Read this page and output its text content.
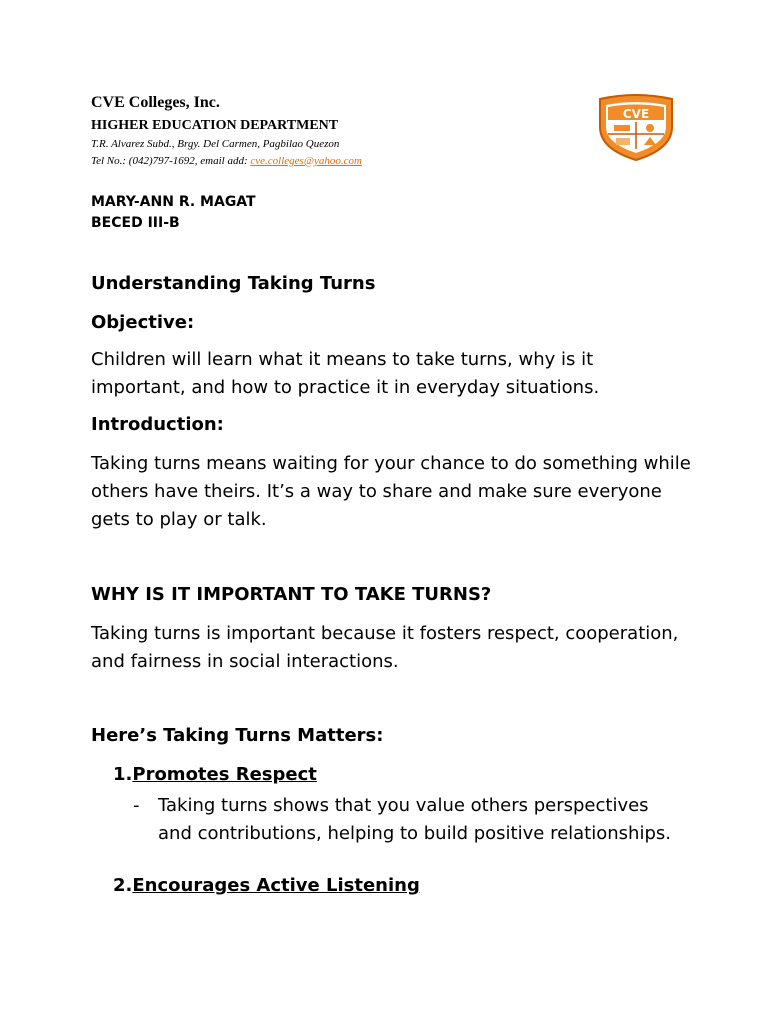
CVE Colleges, Inc.
HIGHER EDUCATION DEPARTMENT
T.R. Alvarez Subd., Brgy. Del Carmen, Pagbilao Quezon
Tel No.: (042)797-1692, email add: cve.colleges@yahoo.com
CVE
MARY-ANN R. MAGAT
BECED III-B
Understanding Taking Turns
Objective:
Children will learn what it means to take turns, why is it important, and how to practice it in everyday situations.
Introduction:
Taking turns means waiting for your chance to do something while others have theirs. It’s a way to share and make sure everyone gets to play or talk.
WHY IS IT IMPORTANT TO TAKE TURNS?
Taking turns is important because it fosters respect, cooperation, and fairness in social interactions.
Here’s Taking Turns Matters:
1.Promotes Respect
- Taking turns shows that you value others perspectives and contributions, helping to build positive relationships.
2.Encourages Active Listening
